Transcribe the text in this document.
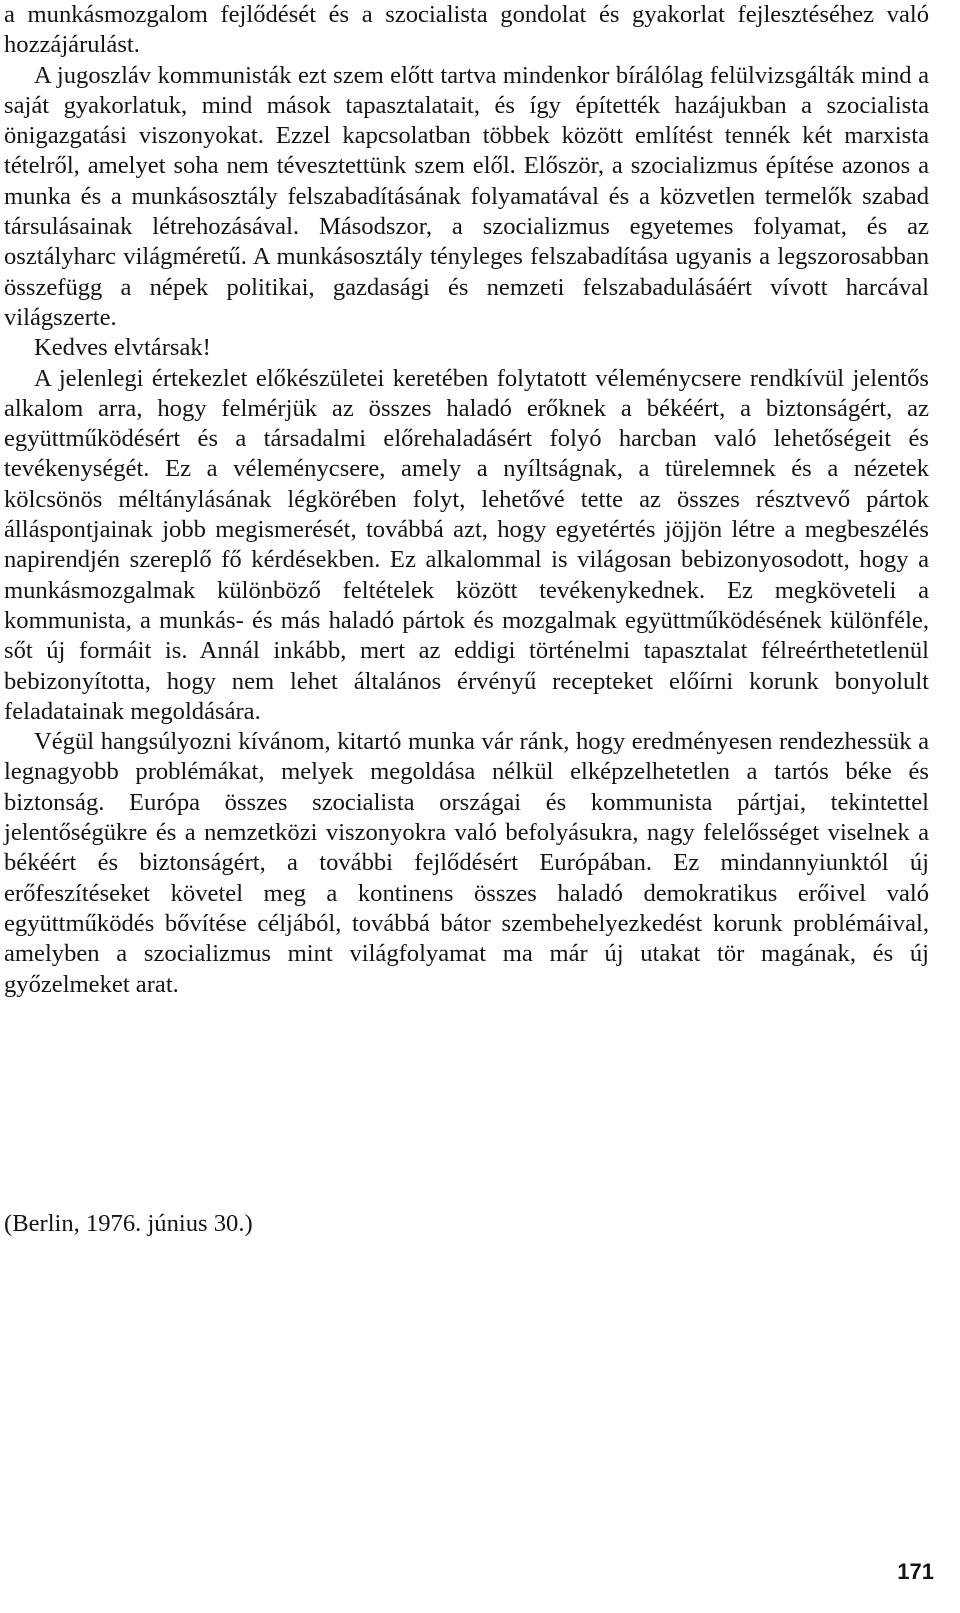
a munkásmozgalom fejlődését és a szocialista gondolat és gyakorlat fejlesztéséhez való hozzájárulást.

A jugoszláv kommunisták ezt szem előtt tartva mindenkor bírálólag felülvizsgálták mind a saját gyakorlatuk, mind mások tapasztalatait, és így építették hazájukban a szocialista önigazgatási viszonyokat. Ezzel kapcsolatban többek között említést tennék két marxista tételről, amelyet soha nem tévesztettünk szem elől. Először, a szocializmus építése azonos a munka és a munkásosztály felszabadításának folyamatával és a közvetlen termelők szabad társulásainak létrehozásával. Másodszor, a szocializmus egyetemes folyamat, és az osztályharc világméretű. A munkásosztály tényleges felszabadítása ugyanis a legszorosabban összefügg a népek politikai, gazdasági és nemzeti felszabadulásáért vívott harcával világszerte.

Kedves elvtársak!

A jelenlegi értekezlet előkészületei keretében folytatott véleménycsere rendkívül jelentős alkalom arra, hogy felmérjük az összes haladó erőknek a békéért, a biztonságért, az együttműködésért és a társadalmi előrehaladásért folyó harcban való lehetőségeit és tevékenységét. Ez a véleménycsere, amely a nyíltságnak, a türelemnek és a nézetek kölcsönös méltánylásának légkörében folyt, lehetővé tette az összes résztvevő pártok álláspontjainak jobb megismerését, továbbá azt, hogy egyetértés jöjjön létre a megbeszélés napirendjén szereplő fő kérdésekben. Ez alkalommal is világosan bebizonyosodott, hogy a munkásmozgalmak különböző feltételek között tevékenykednek. Ez megköveteli a kommunista, a munkás- és más haladó pártok és mozgalmak együttműködésének különféle, sőt új formáit is. Annál inkább, mert az eddigi történelmi tapasztalat félreérthetetlenül bebizonyította, hogy nem lehet általános érvényű recepteket előírni korunk bonyolult feladatainak megoldására.

Végül hangsúlyozni kívánom, kitartó munka vár ránk, hogy eredményesen rendezhessük a legnagyobb problémákat, melyek megoldása nélkül elképzelhetetlen a tartós béke és biztonság. Európa összes szocialista országai és kommunista pártjai, tekintettel jelentőségükre és a nemzetközi viszonyokra való befolyásukra, nagy felelősséget viselnek a békéért és biztonságért, a további fejlődésért Európában. Ez mindannyiunktól új erőfeszítéseket követel meg a kontinens összes haladó demokratikus erőivel való együttműködés bővítése céljából, továbbá bátor szembehelyezkedést korunk problémáival, amelyben a szocializmus mint világfolyamat ma már új utakat tör magának, és új győzelmeket arat.

(Berlin, 1976. június 30.)

171
